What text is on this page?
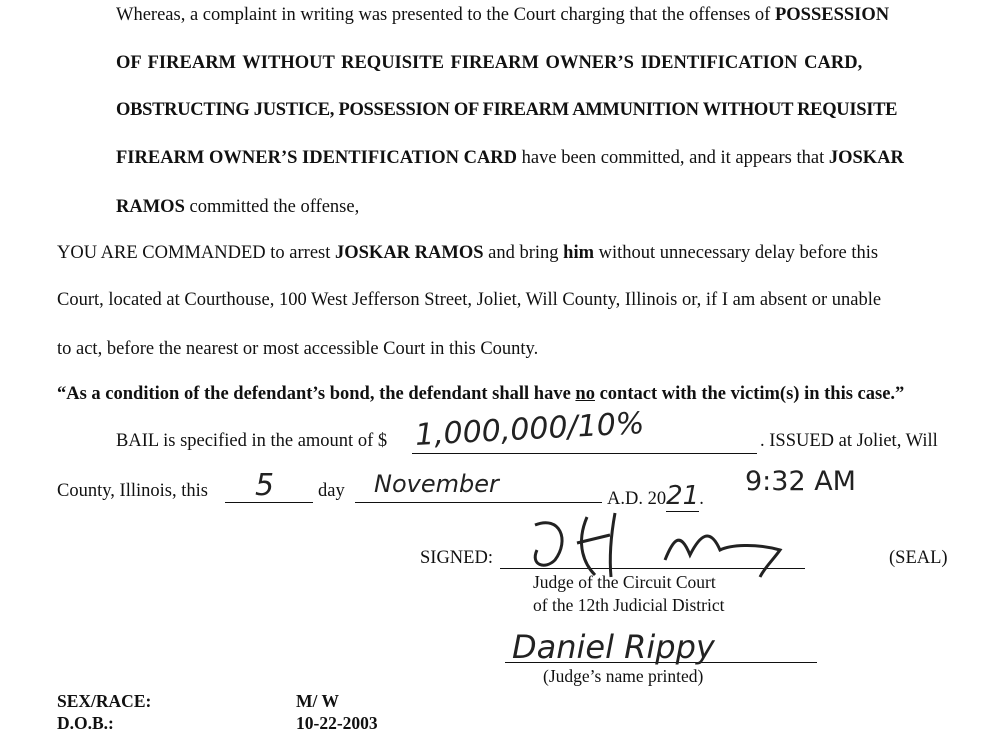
Whereas, a complaint in writing was presented to the Court charging that the offenses of POSSESSION
OF FIREARM WITHOUT REQUISITE FIREARM OWNER’S IDENTIFICATION CARD,
OBSTRUCTING JUSTICE, POSSESSION OF FIREARM AMMUNITION WITHOUT REQUISITE
FIREARM OWNER’S IDENTIFICATION CARD have been committed, and it appears that JOSKAR
RAMOS committed the offense,
YOU ARE COMMANDED to arrest JOSKAR RAMOS and bring him without unnecessary delay before this
Court, located at Courthouse, 100 West Jefferson Street, Joliet, Will County, Illinois or, if I am absent or unable
to act, before the nearest or most accessible Court in this County.
“As a condition of the defendant’s bond, the defendant shall have no contact with the victim(s) in this case.”
BAIL is specified in the amount of $ 1,000,000/10%	. ISSUED at Joliet, Will
County, Illinois, this 5 day November
A.D. 2021.
9:32 AM
SIGNED:	(SEAL)
Judge of the Circuit Court
of the 12th Judicial District
Daniel Rippy
(Judge’s name printed)
SEX/RACE:	M/ W
D.O.B.:	10-22-2003
